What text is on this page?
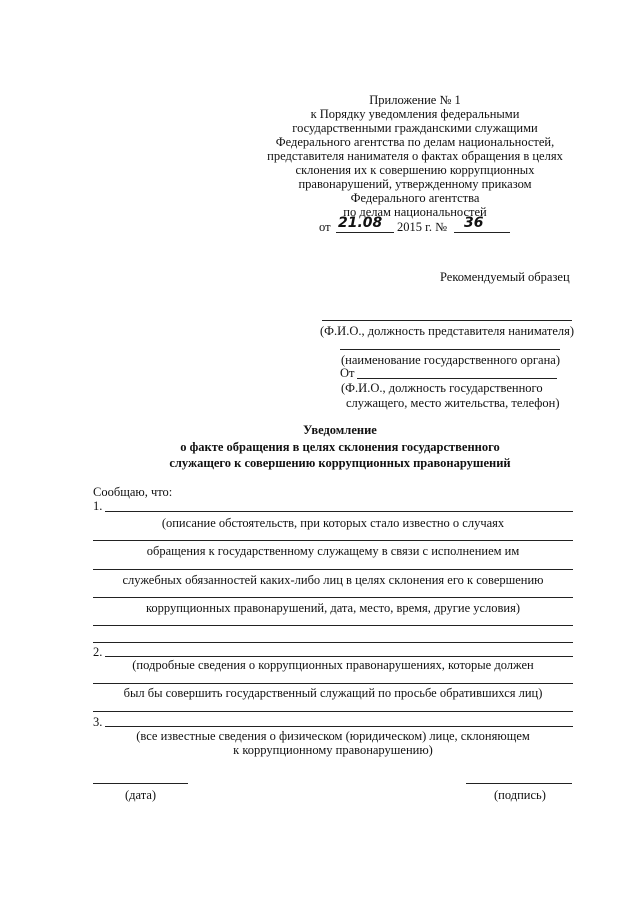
Приложение № 1
к Порядку уведомления федеральными
государственными гражданскими служащими
Федерального агентства по делам национальностей,
представителя нанимателя о фактах обращения в целях
склонения их к совершению коррупционных
правонарушений, утвержденному приказом
Федерального агентства
по делам национальностей
от 21.08 2015 г. № 36
Рекомендуемый образец
(Ф.И.О., должность представителя нанимателя)
(наименование государственного органа)
От
(Ф.И.О., должность государственного
служащего, место жительства, телефон)
Уведомление
о факте обращения в целях склонения государственного
служащего к совершению коррупционных правонарушений
Сообщаю, что:
1.
(описание обстоятельств, при которых стало известно о случаях
обращения к государственному служащему в связи с исполнением им
служебных обязанностей каких-либо лиц в целях склонения его к совершению
коррупционных правонарушений, дата, место, время, другие условия)
2.
(подробные сведения о коррупционных правонарушениях, которые должен
был бы совершить государственный служащий по просьбе обратившихся лиц)
3.
(все известные сведения о физическом (юридическом) лице, склоняющем
к коррупционному правонарушению)
(дата)	(подпись)
